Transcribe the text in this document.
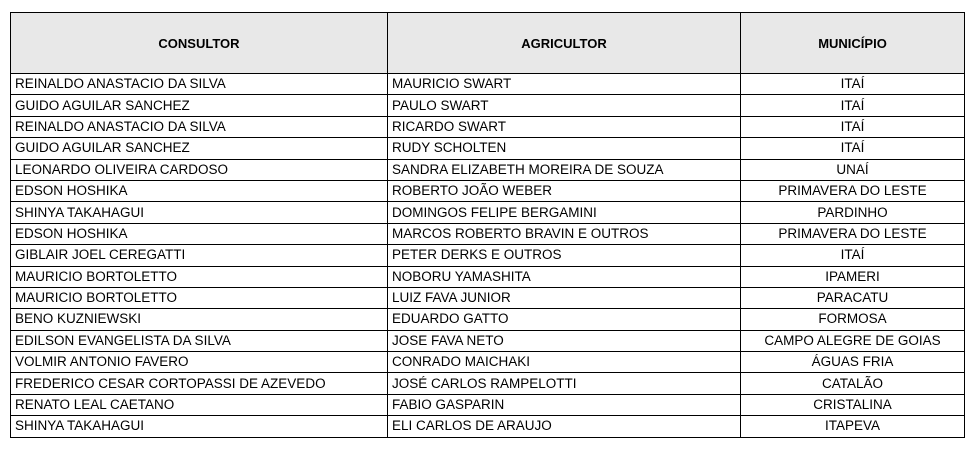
CONSULTOR	AGRICULTOR	MUNICÍPIO
REINALDO ANASTACIO DA SILVA	MAURICIO SWART	ITAÍ
GUIDO AGUILAR SANCHEZ	PAULO SWART	ITAÍ
REINALDO ANASTACIO DA SILVA	RICARDO SWART	ITAÍ
GUIDO AGUILAR SANCHEZ	RUDY SCHOLTEN	ITAÍ
LEONARDO OLIVEIRA CARDOSO	SANDRA ELIZABETH MOREIRA DE SOUZA	UNAÍ
EDSON HOSHIKA	ROBERTO JOÃO WEBER	PRIMAVERA DO LESTE
SHINYA TAKAHAGUI	DOMINGOS FELIPE BERGAMINI	PARDINHO
EDSON HOSHIKA	MARCOS ROBERTO BRAVIN E OUTROS	PRIMAVERA DO LESTE
GIBLAIR JOEL CEREGATTI	PETER DERKS E OUTROS	ITAÍ
MAURICIO BORTOLETTO	NOBORU YAMASHITA	IPAMERI
MAURICIO BORTOLETTO	LUIZ FAVA JUNIOR	PARACATU
BENO KUZNIEWSKI	EDUARDO GATTO	FORMOSA
EDILSON EVANGELISTA DA SILVA	JOSE FAVA NETO	CAMPO ALEGRE DE GOIAS
VOLMIR ANTONIO FAVERO	CONRADO MAICHAKI	ÁGUAS FRIA
FREDERICO CESAR CORTOPASSI DE AZEVEDO	JOSÉ CARLOS RAMPELOTTI	CATALÃO
RENATO LEAL CAETANO	FABIO GASPARIN	CRISTALINA
SHINYA TAKAHAGUI	ELI CARLOS DE ARAUJO	ITAPEVA
